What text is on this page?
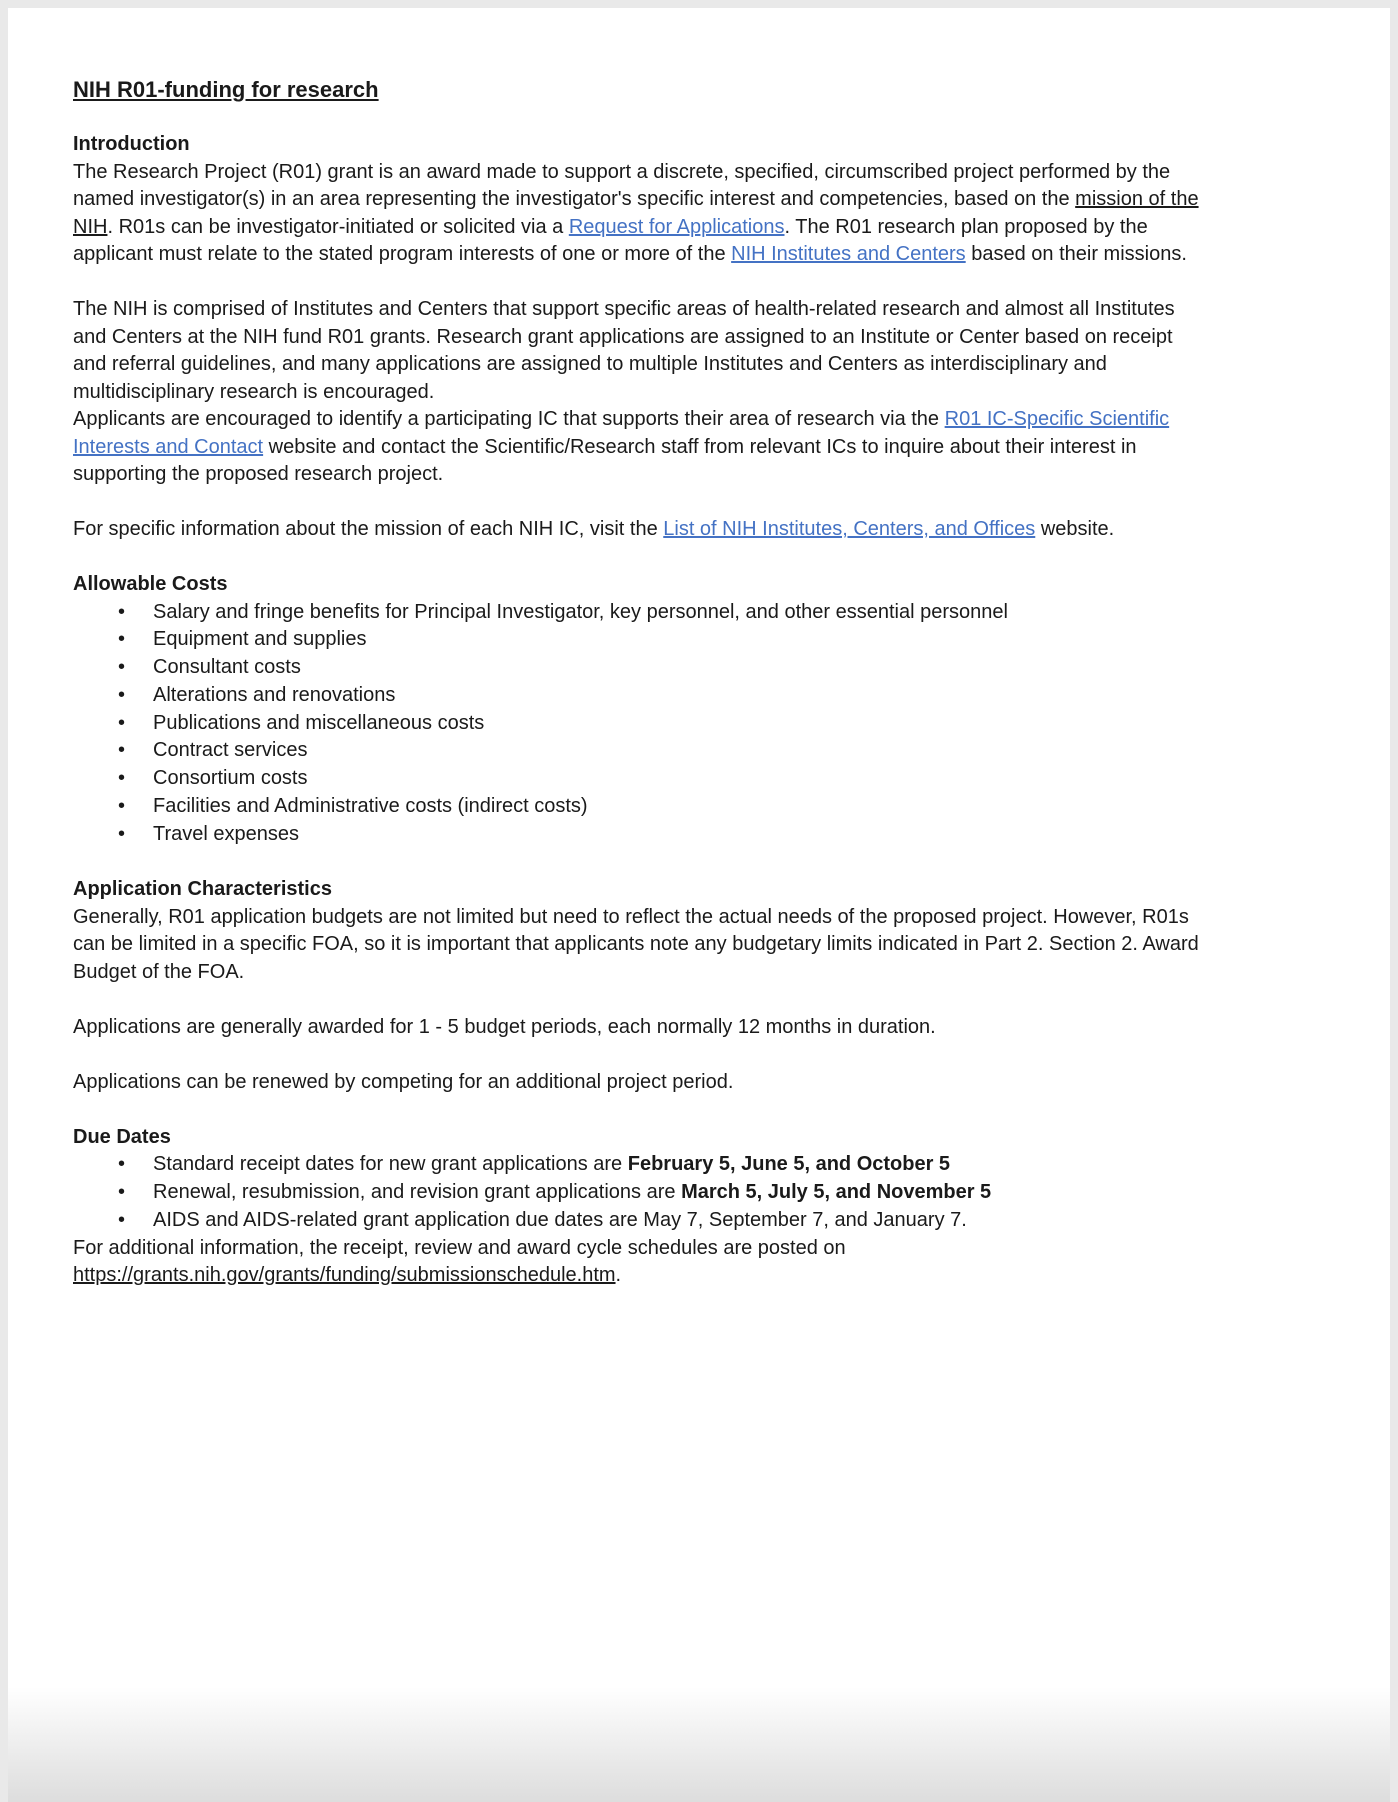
NIH R01-funding for research
Introduction
The Research Project (R01) grant is an award made to support a discrete, specified, circumscribed project performed by the named investigator(s) in an area representing the investigator's specific interest and competencies, based on the mission of the NIH. R01s can be investigator-initiated or solicited via a Request for Applications. The R01 research plan proposed by the applicant must relate to the stated program interests of one or more of the NIH Institutes and Centers based on their missions.
The NIH is comprised of Institutes and Centers that support specific areas of health-related research and almost all Institutes and Centers at the NIH fund R01 grants. Research grant applications are assigned to an Institute or Center based on receipt and referral guidelines, and many applications are assigned to multiple Institutes and Centers as interdisciplinary and multidisciplinary research is encouraged.
Applicants are encouraged to identify a participating IC that supports their area of research via the R01 IC-Specific Scientific Interests and Contact website and contact the Scientific/Research staff from relevant ICs to inquire about their interest in supporting the proposed research project.
For specific information about the mission of each NIH IC, visit the List of NIH Institutes, Centers, and Offices website.
Allowable Costs
• Salary and fringe benefits for Principal Investigator, key personnel, and other essential personnel
• Equipment and supplies
• Consultant costs
• Alterations and renovations
• Publications and miscellaneous costs
• Contract services
• Consortium costs
• Facilities and Administrative costs (indirect costs)
• Travel expenses
Application Characteristics
Generally, R01 application budgets are not limited but need to reflect the actual needs of the proposed project. However, R01s can be limited in a specific FOA, so it is important that applicants note any budgetary limits indicated in Part 2. Section 2. Award Budget of the FOA.
Applications are generally awarded for 1 - 5 budget periods, each normally 12 months in duration.
Applications can be renewed by competing for an additional project period.
Due Dates
• Standard receipt dates for new grant applications are February 5, June 5, and October 5
• Renewal, resubmission, and revision grant applications are March 5, July 5, and November 5
• AIDS and AIDS-related grant application due dates are May 7, September 7, and January 7.
For additional information, the receipt, review and award cycle schedules are posted on https://grants.nih.gov/grants/funding/submissionschedule.htm.
